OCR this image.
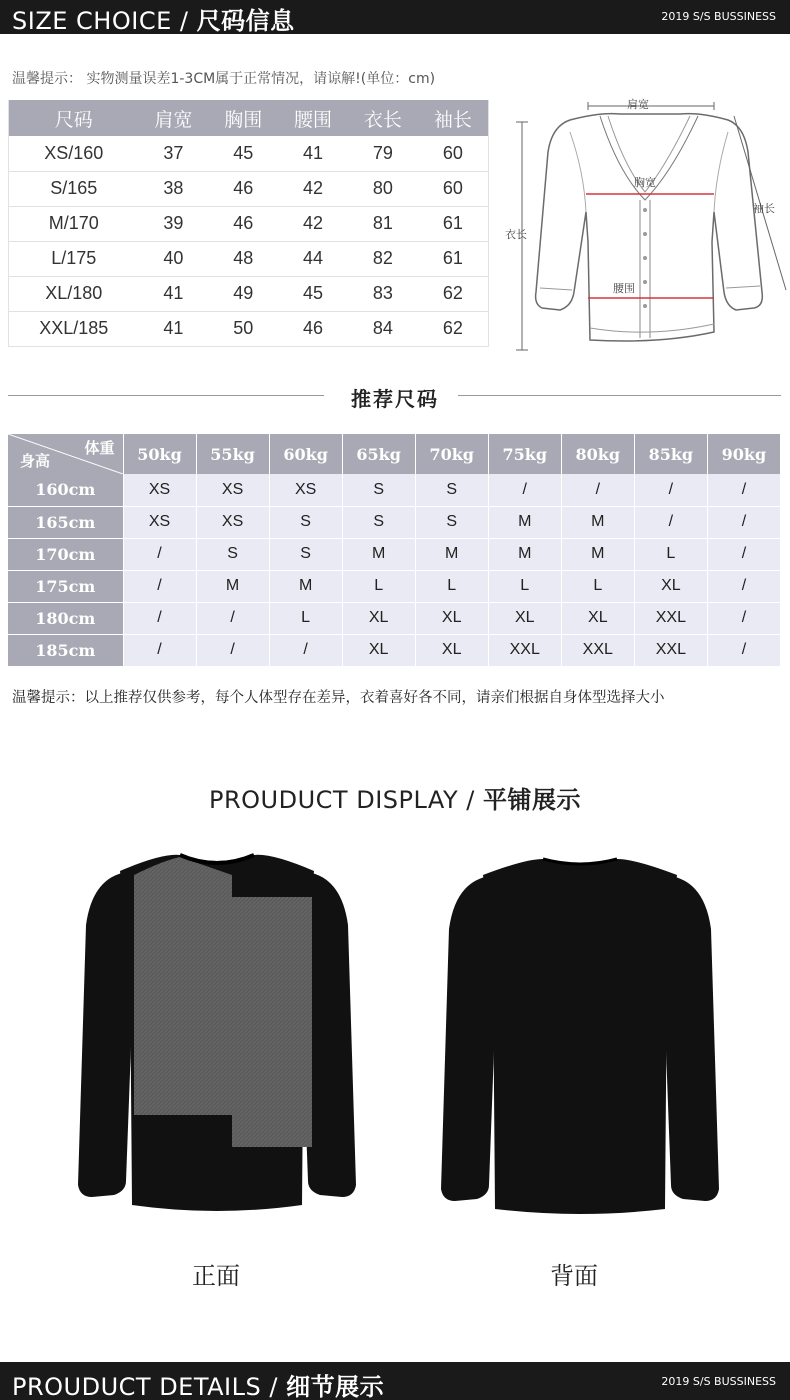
SIZE CHOICE / 尺码信息	2019 S/S BUSSINESS
温馨提示： 实物测量误差1-3CM属于正常情况，请谅解!(单位：cm)
尺码	肩宽	胸围	腰围	衣长	袖长
XS/160	37	45	41	79	60
S/165	38	46	42	80	60
M/170	39	46	42	81	61
L/175	40	48	44	82	61
XL/180	41	49	45	83	62
XXL/185	41	50	46	84	62
肩宽
胸宽
腰围
衣长
袖长
推荐尺码
体重
身高	50kg	55kg	60kg	65kg	70kg	75kg	80kg	85kg	90kg
160cm	XS	XS	XS	S	S	/	/	/	/
165cm	XS	XS	S	S	S	M	M	/	/
170cm	/	S	S	M	M	M	M	L	/
175cm	/	M	M	L	L	L	L	XL	/
180cm	/	/	L	XL	XL	XL	XL	XXL	/
185cm	/	/	/	XL	XL	XXL	XXL	XXL	/
温馨提示：以上推荐仅供参考，每个人体型存在差异，衣着喜好各不同，请亲们根据自身体型选择大小
PROUDUCT DISPLAY / 平铺展示
正面	背面
PROUDUCT DETAILS / 细节展示	2019 S/S BUSSINESS
